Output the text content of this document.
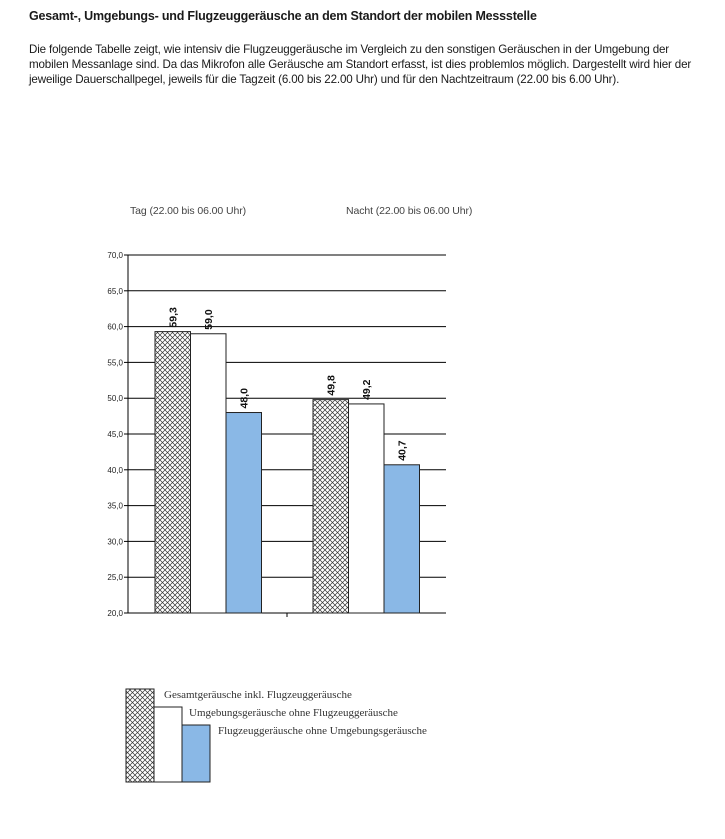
Gesamt-, Umgebungs- und Flugzeuggeräusche an dem Standort der mobilen Messstelle
Die folgende Tabelle zeigt, wie intensiv die Flugzeuggeräusche im Vergleich zu den sonstigen Geräuschen in der Umgebung der mobilen Messanlage sind. Da das Mikrofon alle Geräusche am Standort erfasst, ist dies problemlos möglich. Dargestellt wird hier der jeweilige Dauerschallpegel, jeweils für die Tagzeit (6.00 bis 22.00 Uhr) und für den Nachtzeitraum (22.00 bis 6.00 Uhr).
Tag (22.00 bis 06.00 Uhr)	Nacht (22.00 bis 06.00 Uhr)
20,0
25,0
30,0
35,0
40,0
45,0
50,0
55,0
60,0
65,0
70,0
59,3 59,0
48,0
49,8 49,2
40,7
Gesamtgeräusche inkl. Flugzeuggeräusche
Umgebungsgeräusche ohne Flugzeuggeräusche
Flugzeuggeräusche ohne Umgebungsgeräusche
